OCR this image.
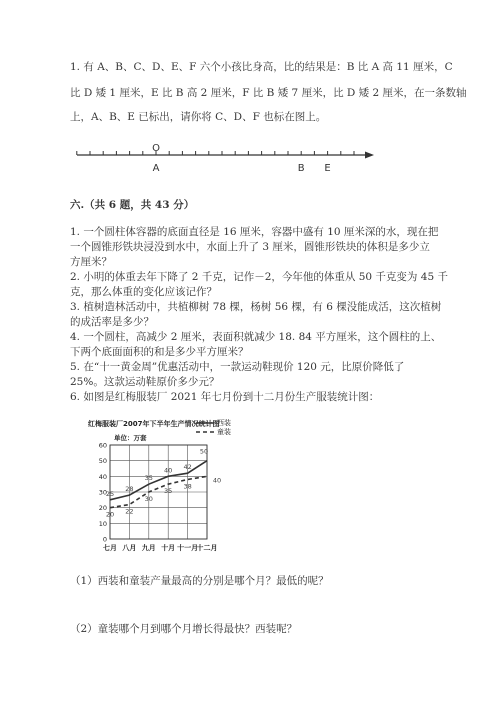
1. 有 A、B、C、D、E、F 六个小孩比身高，比的结果是：B 比 A 高 11 厘米，C
比 D 矮 1 厘米，E 比 B 高 2 厘米，F 比 B 矮 7 厘米，比 D 矮 2 厘米，在一条数轴
上，A、B、E 已标出，请你将 C、D、F 也标在图上。
O
A	B E
六.（共 6 题，共 43 分）
1. 一个圆柱体容器的底面直径是 16 厘米，容器中盛有 10 厘米深的水，现在把
一个圆锥形铁块浸没到水中，水面上升了 3 厘米，圆锥形铁块的体积是多少立
方厘米？
2. 小明的体重去年下降了 2 千克，记作－2，今年他的体重从 50 千克变为 45 千
克，那么体重的变化应该记作？
3. 植树造林活动中，共植柳树 78 棵，杨树 56 棵，有 6 棵没能成活，这次植树
的成活率是多少？
4. 一个圆柱，高减少 2 厘米，表面积就减少 18. 84 平方厘米，这个圆柱的上、
下两个底面面积的和是多少平方厘米？
5. 在“十一黄金周”优惠活动中，一款运动鞋现价 120 元，比原价降低了
25%。这款运动鞋原价多少元？
6. 如图是红梅服装厂 2021 年七月份到十二月份生产服装统计图：
红梅服装厂2007年下半年生产情况统计图
单位：万套
0
10
20
30
40
50
60
七月 八月 九月 十月 十一月
十二月
25
28
35
40 42
50
20 22
30
35
38
40
西装
童装
（1）西装和童装产量最高的分别是哪个月？最低的呢？
（2）童装哪个月到哪个月增长得最快？西装呢？
